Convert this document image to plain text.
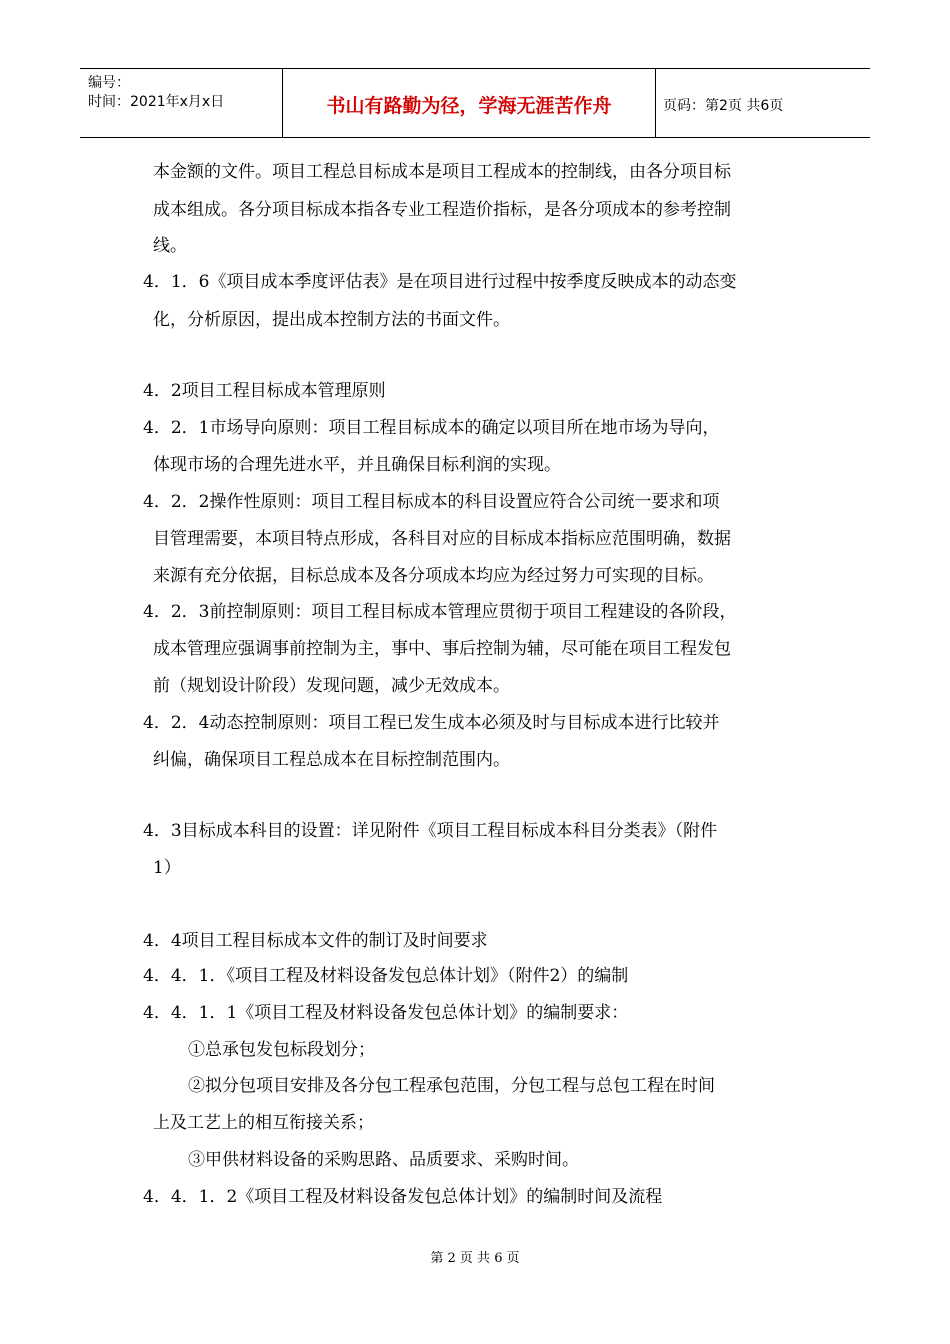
编号：
时间：2021年x月x日	书山有路勤为径，学海无涯苦作舟	页码：第2页 共6页
本金额的文件。项目工程总目标成本是项目工程成本的控制线，由各分项目标
成本组成。各分项目标成本指各专业工程造价指标，是各分项成本的参考控制
线。
4．1．6《项目成本季度评估表》是在项目进行过程中按季度反映成本的动态变
化，分析原因，提出成本控制方法的书面文件。
4．2项目工程目标成本管理原则
4．2．1市场导向原则：项目工程目标成本的确定以项目所在地市场为导向，
体现市场的合理先进水平，并且确保目标利润的实现。
4．2．2操作性原则：项目工程目标成本的科目设置应符合公司统一要求和项
目管理需要，本项目特点形成，各科目对应的目标成本指标应范围明确，数据
来源有充分依据，目标总成本及各分项成本均应为经过努力可实现的目标。
4．2．3前控制原则：项目工程目标成本管理应贯彻于项目工程建设的各阶段，
成本管理应强调事前控制为主，事中、事后控制为辅，尽可能在项目工程发包
前（规划设计阶段）发现问题，减少无效成本。
4．2．4动态控制原则：项目工程已发生成本必须及时与目标成本进行比较并
纠偏，确保项目工程总成本在目标控制范围内。
4．3目标成本科目的设置：详见附件《项目工程目标成本科目分类表》（附件
1）
4．4项目工程目标成本文件的制订及时间要求
4．4．1．《项目工程及材料设备发包总体计划》（附件2）的编制
4．4．1．1《项目工程及材料设备发包总体计划》的编制要求：
①总承包发包标段划分；
②拟分包项目安排及各分包工程承包范围，分包工程与总包工程在时间
上及工艺上的相互衔接关系；
③甲供材料设备的采购思路、品质要求、采购时间。
4．4．1．2《项目工程及材料设备发包总体计划》的编制时间及流程
第 2 页 共 6 页
